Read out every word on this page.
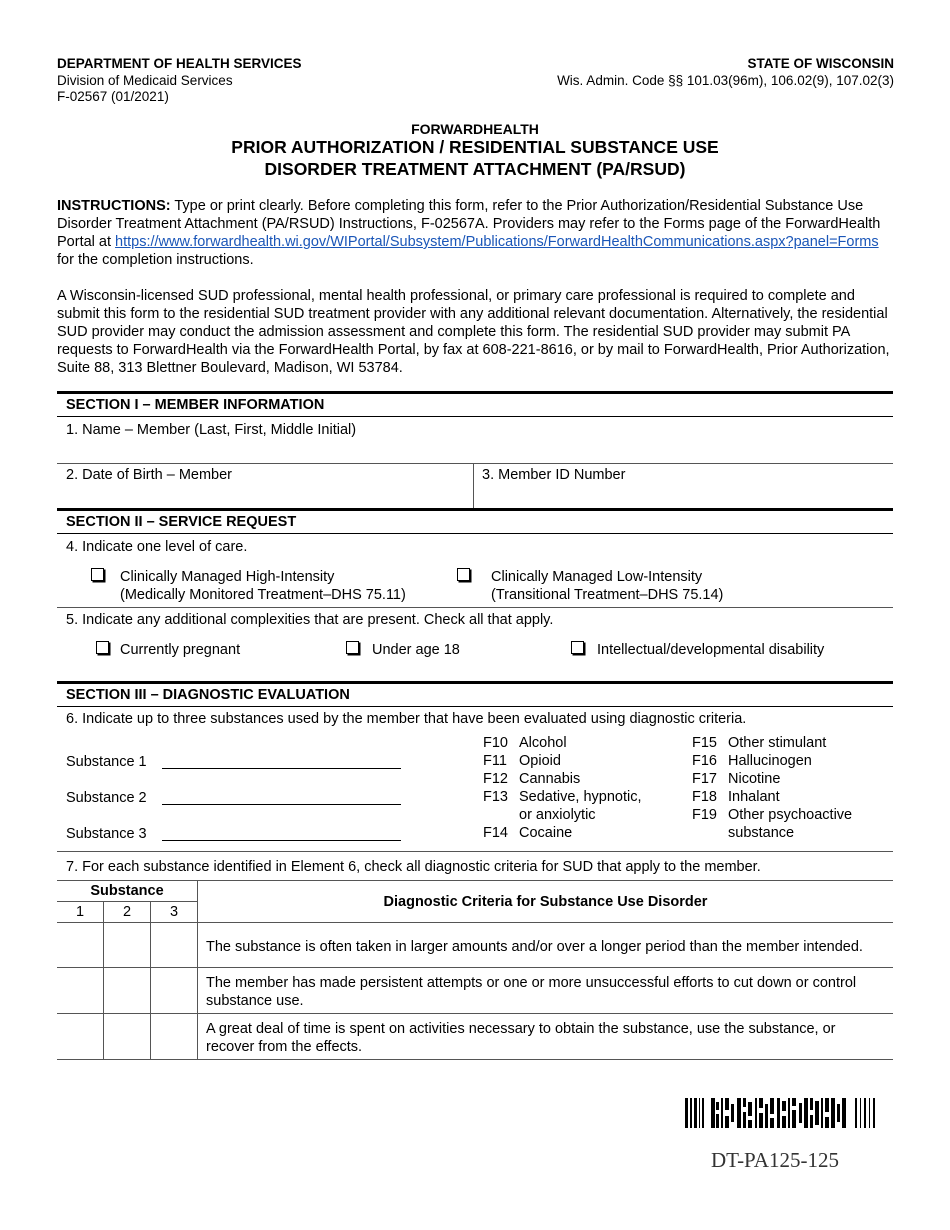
DEPARTMENT OF HEALTH SERVICES
Division of Medicaid Services
F-02567 (01/2021)
STATE OF WISCONSIN
Wis. Admin. Code §§ 101.03(96m), 106.02(9), 107.02(3)
FORWARDHEALTH
PRIOR AUTHORIZATION / RESIDENTIAL SUBSTANCE USE
DISORDER TREATMENT ATTACHMENT (PA/RSUD)
INSTRUCTIONS: Type or print clearly. Before completing this form, refer to the Prior Authorization/Residential Substance Use Disorder Treatment Attachment (PA/RSUD) Instructions, F-02567A. Providers may refer to the Forms page of the ForwardHealth Portal at https://www.forwardhealth.wi.gov/WIPortal/Subsystem/Publications/ForwardHealthCommunications.aspx?panel=Forms for the completion instructions.
A Wisconsin-licensed SUD professional, mental health professional, or primary care professional is required to complete and submit this form to the residential SUD treatment provider with any additional relevant documentation. Alternatively, the residential SUD provider may conduct the admission assessment and complete this form. The residential SUD provider may submit PA requests to ForwardHealth via the ForwardHealth Portal, by fax at 608-221-8616, or by mail to ForwardHealth, Prior Authorization, Suite 88, 313 Blettner Boulevard, Madison, WI 53784.
SECTION I – MEMBER INFORMATION
1. Name – Member (Last, First, Middle Initial)
2. Date of Birth – Member	3. Member ID Number
SECTION II – SERVICE REQUEST
4. Indicate one level of care.
Clinically Managed High-Intensity
(Medically Monitored Treatment–DHS 75.11)
Clinically Managed Low-Intensity
(Transitional Treatment–DHS 75.14)
5. Indicate any additional complexities that are present. Check all that apply.
Currently pregnant	Under age 18	Intellectual/developmental disability
SECTION III – DIAGNOSTIC EVALUATION
6. Indicate up to three substances used by the member that have been evaluated using diagnostic criteria.
Substance 1
Substance 2
Substance 3
F10 Alcohol
F11 Opioid
F12 Cannabis
F13 Sedative, hypnotic,
or anxiolytic
F14 Cocaine
F15 Other stimulant
F16 Hallucinogen
F17 Nicotine
F18 Inhalant
F19 Other psychoactive
substance
7. For each substance identified in Element 6, check all diagnostic criteria for SUD that apply to the member.
Substance			Diagnostic Criteria for Substance Use Disorder
1	2	3	
			The substance is often taken in larger amounts and/or over a longer period than the member intended.
			The member has made persistent attempts or one or more unsuccessful efforts to cut down or control substance use.
			A great deal of time is spent on activities necessary to obtain the substance, use the substance, or recover from the effects.
DT-PA125-125
